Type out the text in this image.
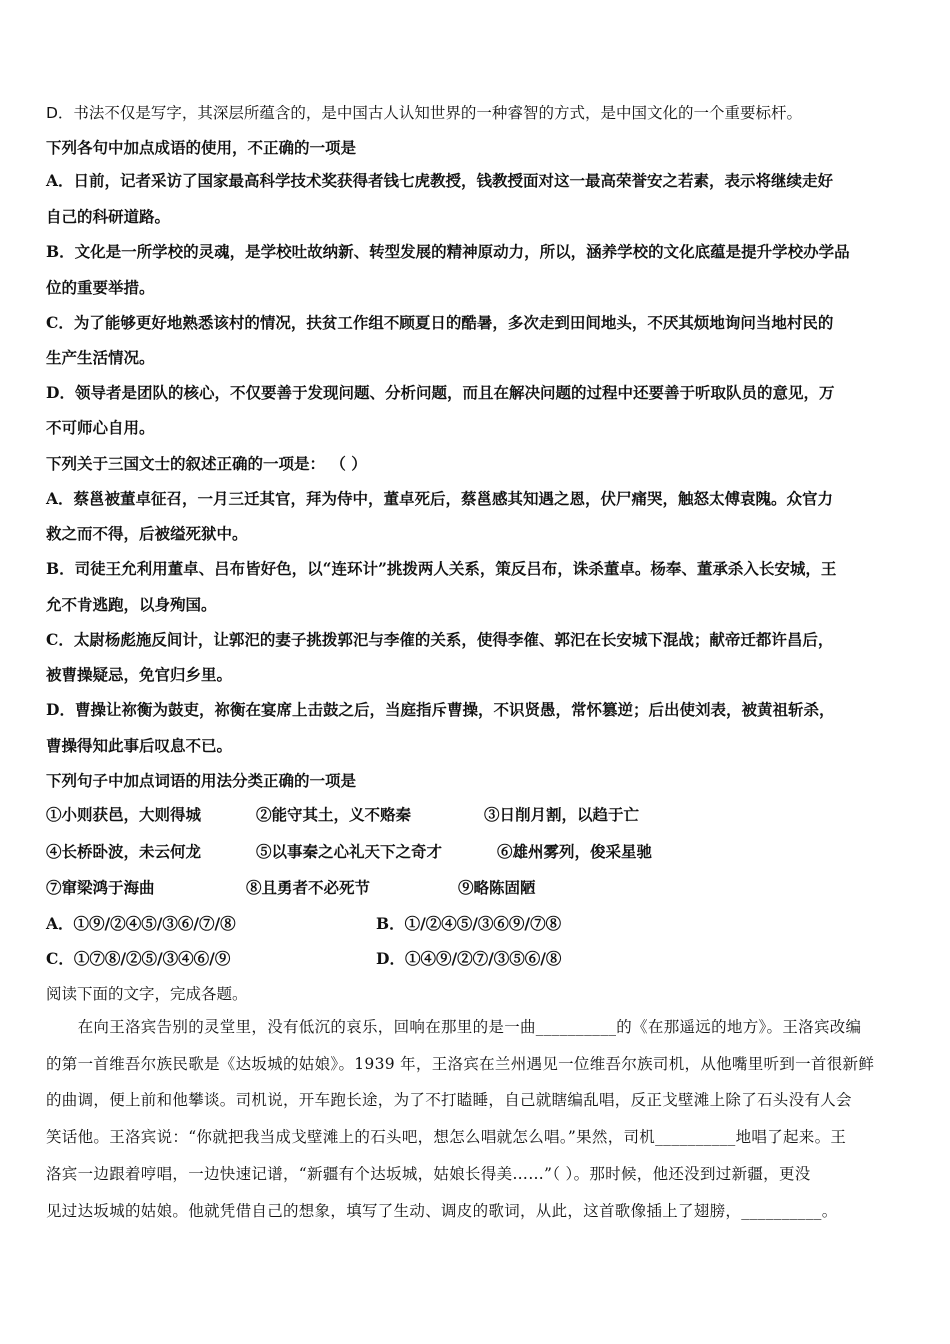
D．书法不仅是写字，其深层所蕴含的，是中国古人认知世界的一种睿智的方式，是中国文化的一个重要标杆。
下列各句中加点成语的使用，不正确的一项是
A．日前，记者采访了国家最高科学技术奖获得者钱七虎教授，钱教授面对这一最高荣誉安之若素，表示将继续走好
自己的科研道路。
B．文化是一所学校的灵魂，是学校吐故纳新、转型发展的精神原动力，所以，涵养学校的文化底蕴是提升学校办学品
位的重要举措。
C．为了能够更好地熟悉该村的情况，扶贫工作组不顾夏日的酷暑，多次走到田间地头，不厌其烦地询问当地村民的
生产生活情况。
D．领导者是团队的核心，不仅要善于发现问题、分析问题，而且在解决问题的过程中还要善于听取队员的意见，万
不可师心自用。
下列关于三国文士的叙述正确的一项是： （ ）
A．蔡邕被董卓征召，一月三迁其官，拜为侍中，董卓死后，蔡邕感其知遇之恩，伏尸痛哭，触怒太傅袁隗。众官力
救之而不得，后被缢死狱中。
B．司徒王允利用董卓、吕布皆好色，以“连环计”挑拨两人关系，策反吕布，诛杀董卓。杨奉、董承杀入长安城，王
允不肯逃跑，以身殉国。
C．太尉杨彪施反间计，让郭汜的妻子挑拨郭汜与李傕的关系，使得李傕、郭汜在长安城下混战；献帝迁都许昌后，
被曹操疑忌，免官归乡里。
D．曹操让祢衡为鼓吏，祢衡在宴席上击鼓之后，当庭指斥曹操，不识贤愚，常怀篡逆；后出使刘表，被黄祖斩杀，
曹操得知此事后叹息不已。
下列句子中加点词语的用法分类正确的一项是
①小则获邑，大则得城	②能守其土，义不赂秦	③日削月割，以趋于亡
④长桥卧波，未云何龙	⑤以事秦之心礼天下之奇才	⑥雄州雾列，俊采星驰
⑦窜梁鸿于海曲	⑧且勇者不必死节	⑨略陈固陋
A．①⑨/②④⑤/③⑥/⑦/⑧	B．①/②④⑤/③⑥⑨/⑦⑧
C．①⑦⑧/②⑤/③④⑥/⑨	D．①④⑨/②⑦/③⑤⑥/⑧
阅读下面的文字，完成各题。
　　在向王洛宾告别的灵堂里，没有低沉的哀乐，回响在那里的是一曲__________的《在那遥远的地方》。王洛宾改编
的第一首维吾尔族民歌是《达坂城的姑娘》。1939 年，王洛宾在兰州遇见一位维吾尔族司机，从他嘴里听到一首很新鲜
的曲调，便上前和他攀谈。司机说，开车跑长途，为了不打瞌睡，自己就瞎编乱唱，反正戈壁滩上除了石头没有人会
笑话他。王洛宾说：“你就把我当成戈壁滩上的石头吧，想怎么唱就怎么唱。”果然，司机__________地唱了起来。王
洛宾一边跟着哼唱，一边快速记谱，“新疆有个达坂城，姑娘长得美……”（ ）。那时候，他还没到过新疆，更没
见过达坂城的姑娘。他就凭借自己的想象，填写了生动、调皮的歌词，从此，这首歌像插上了翅膀，__________。
